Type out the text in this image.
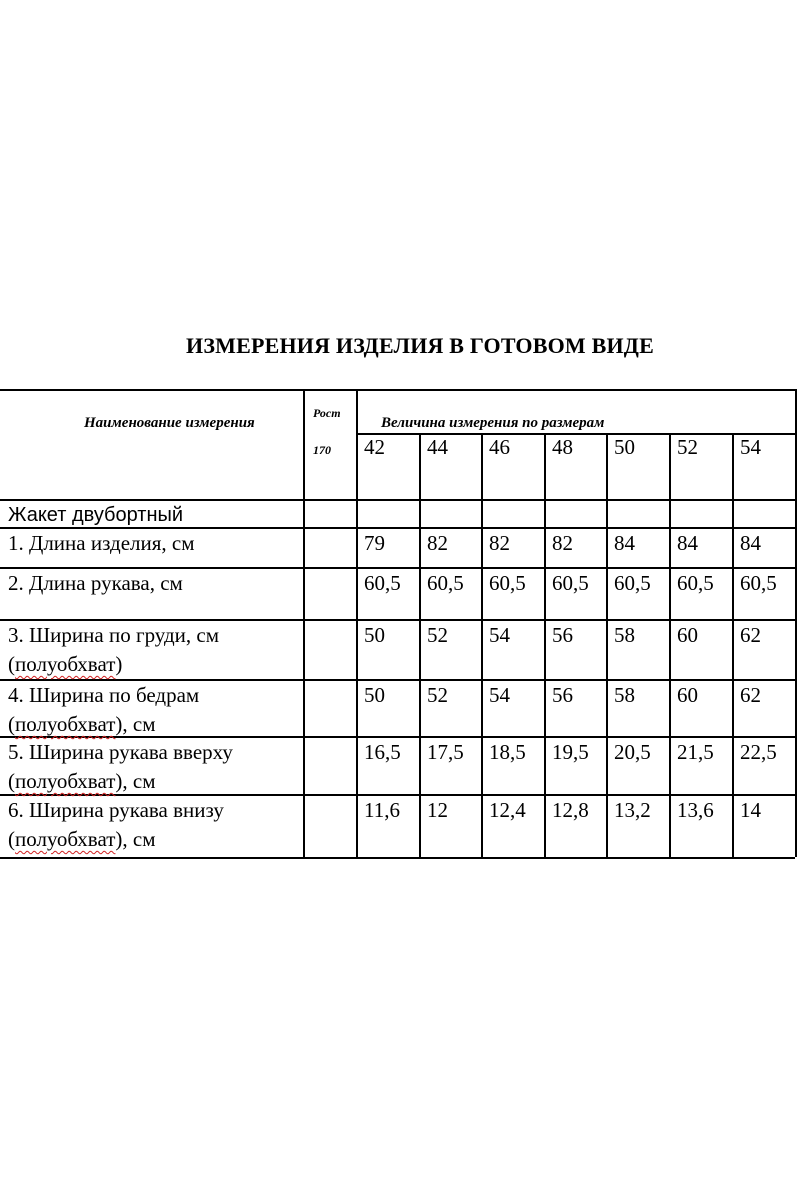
ИЗМЕРЕНИЯ ИЗДЕЛИЯ В ГОТОВОМ ВИДЕ
Наименование измерения
Рост
170
Величина измерения по размерам
42 44 46 48 50 52 54
Жакет двубортный
1. Длина изделия, см	79 82 82 82 84 84 84
2. Длина рукава, см	60,5 60,5 60,5 60,5 60,5 60,5 60,5
3. Ширина по груди, см
(полуобхват)
50 52 54 56 58 60 62
4. Ширина по бедрам
(полуобхват), см
50 52 54 56 58 60 62
5. Ширина рукава вверху
(полуобхват), см
16,5 17,5 18,5 19,5 20,5 21,5 22,5
6. Ширина рукава внизу
(полуобхват), см
11,6 12 12,4 12,8 13,2 13,6 14
